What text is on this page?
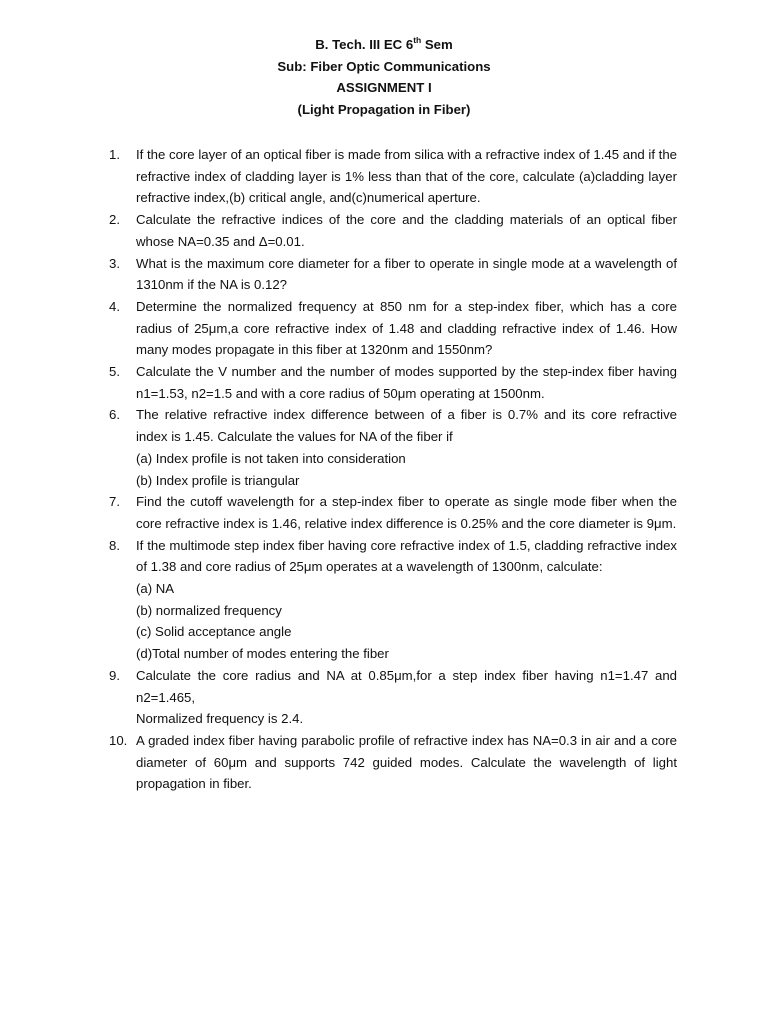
B. Tech. III EC 6th Sem
Sub: Fiber Optic Communications
ASSIGNMENT I
(Light Propagation in Fiber)
1.	If the core layer of an optical fiber is made from silica with a refractive index of 1.45 and if the refractive index of cladding layer is 1% less than that of the core, calculate (a)cladding layer refractive index,(b) critical angle, and(c)numerical aperture.
2.	Calculate the refractive indices of the core and the cladding materials of an optical fiber whose NA=0.35 and Δ=0.01.
3.	What is the maximum core diameter for a fiber to operate in single mode at a wavelength of 1310nm if the NA is 0.12?
4.	Determine the normalized frequency at 850 nm for a step-index fiber, which has a core radius of 25μm,a core refractive index of 1.48 and cladding refractive index of 1.46. How many modes propagate in this fiber at 1320nm and 1550nm?
5.	Calculate the V number and the number of modes supported by the step-index fiber having n1=1.53, n2=1.5 and with a core radius of 50μm operating at 1500nm.
6.	The relative refractive index difference between of a fiber is 0.7% and its core refractive index is 1.45. Calculate the values for NA of the fiber if
(a) Index profile is not taken into consideration
(b) Index profile is triangular
7.	Find the cutoff wavelength for a step-index fiber to operate as single mode fiber when the core refractive index is 1.46, relative index difference is 0.25% and the core diameter is 9μm.
8.	If the multimode step index fiber having core refractive index of 1.5, cladding refractive index of 1.38 and core radius of 25μm operates at a wavelength of 1300nm, calculate:
(a) NA
(b) normalized frequency
(c) Solid acceptance angle
(d)Total number of modes entering the fiber
9.	Calculate the core radius and NA at 0.85μm,for a step index fiber having n1=1.47 and n2=1.465,
Normalized frequency is 2.4.
10. A graded index fiber having parabolic profile of refractive index has NA=0.3 in air and a core diameter of 60μm and supports 742 guided modes. Calculate the wavelength of light propagation in fiber.
